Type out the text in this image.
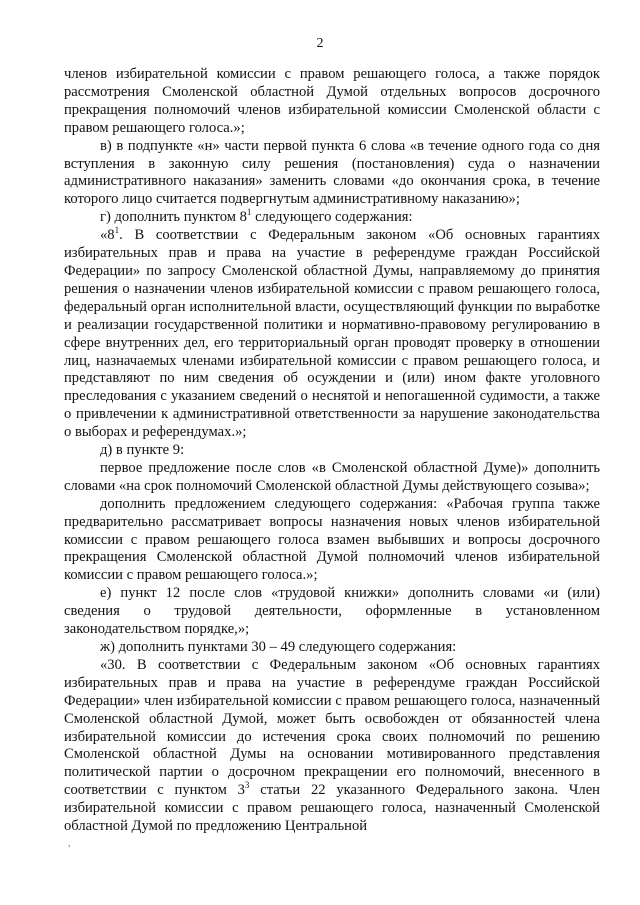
2

членов избирательной комиссии с правом решающего голоса, а также порядок рассмотрения Смоленской областной Думой отдельных вопросов досрочного прекращения полномочий членов избирательной комиссии Смоленской области с правом решающего голоса.»;

в) в подпункте «н» части первой пункта 6 слова «в течение одного года со дня вступления в законную силу решения (постановления) суда о назначении административного наказания» заменить словами «до окончания срока, в течение которого лицо считается подвергнутым административному наказанию»;

г) дополнить пунктом $8^1$ следующего содержания:

«$8^1$. В соответствии с Федеральным законом «Об основных гарантиях избирательных прав и права на участие в референдуме граждан Российской Федерации» по запросу Смоленской областной Думы, направляемому до принятия решения о назначении членов избирательной комиссии с правом решающего голоса, федеральный орган исполнительной власти, осуществляющий функции по выработке и реализации государственной политики и нормативно-правовому регулированию в сфере внутренних дел, его территориальный орган проводят проверку в отношении лиц, назначаемых членами избирательной комиссии с правом решающего голоса, и представляют по ним сведения об осуждении и (или) ином факте уголовного преследования с указанием сведений о неснятой и непогашенной судимости, а также о привлечении к административной ответственности за нарушение законодательства о выборах и референдумах.»;

д) в пункте 9:

первое предложение после слов «в Смоленской областной Думе)» дополнить словами «на срок полномочий Смоленской областной Думы действующего созыва»;

дополнить предложением следующего содержания: «Рабочая группа также предварительно рассматривает вопросы назначения новых членов избирательной комиссии с правом решающего голоса взамен выбывших и вопросы досрочного прекращения Смоленской областной Думой полномочий членов избирательной комиссии с правом решающего голоса.»;

е) пункт 12 после слов «трудовой книжки» дополнить словами «и (или) сведения о трудовой деятельности, оформленные в установленном законодательством порядке,»;

ж) дополнить пунктами 30 – 49 следующего содержания:

«30. В соответствии с Федеральным законом «Об основных гарантиях избирательных прав и права на участие в референдуме граждан Российской Федерации» член избирательной комиссии с правом решающего голоса, назначенный Смоленской областной Думой, может быть освобожден от обязанностей члена избирательной комиссии до истечения срока своих полномочий по решению Смоленской областной Думы на основании мотивированного представления политической партии о досрочном прекращении его полномочий, внесенного в соответствии с пунктом $3^3$ статьи 22 указанного Федерального закона. Член избирательной комиссии с правом решающего голоса, назначенный Смоленской областной Думой по предложению Центральной

,
